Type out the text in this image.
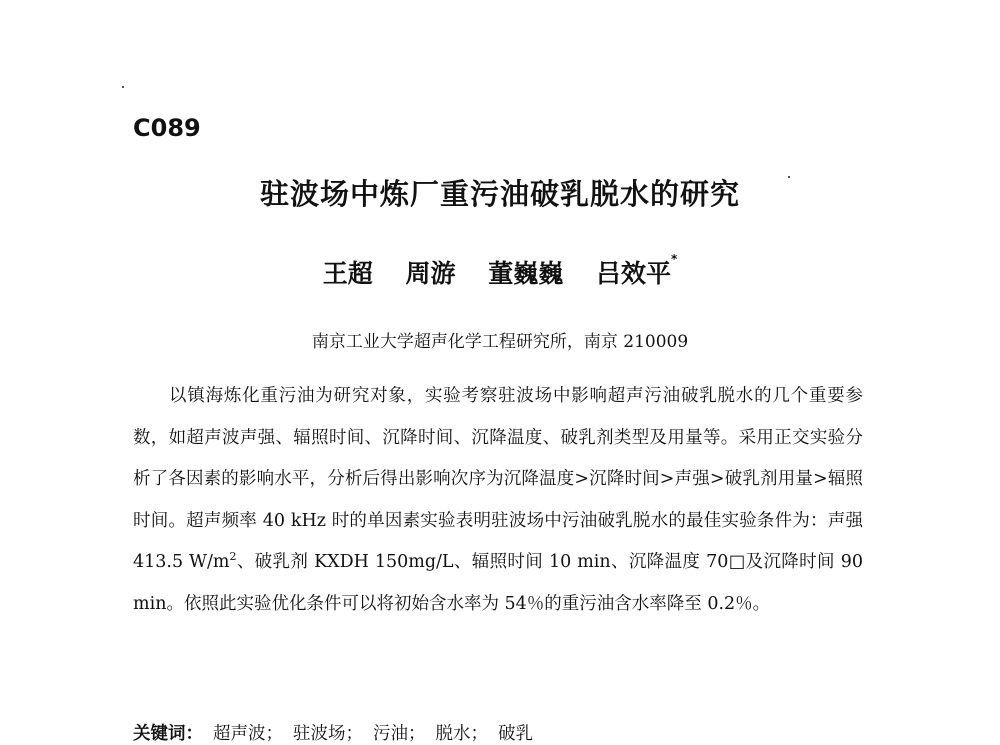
C089
驻波场中炼厂重污油破乳脱水的研究
王超 周游 董巍巍 吕效平*
南京工业大学超声化学工程研究所，南京 210009

以镇海炼化重污油为研究对象，实验考察驻波场中影响超声污油破乳脱水的几个重要参数，如超声波声强、辐照时间、沉降时间、沉降温度、破乳剂类型及用量等。采用正交实验分析了各因素的影响水平，分析后得出影响次序为沉降温度>沉降时间>声强>破乳剂用量>辐照时间。超声频率 40 kHz 时的单因素实验表明驻波场中污油破乳脱水的最佳实验条件为：声强 413.5 $W/m^2$、破乳剂 KXDH 150mg/L、辐照时间 10 min、沉降温度 70□及沉降时间 90 min。依照此实验优化条件可以将初始含水率为 54％的重污油含水率降至 0.2％。

关键词： 超声波； 驻波场； 污油； 脱水； 破乳
